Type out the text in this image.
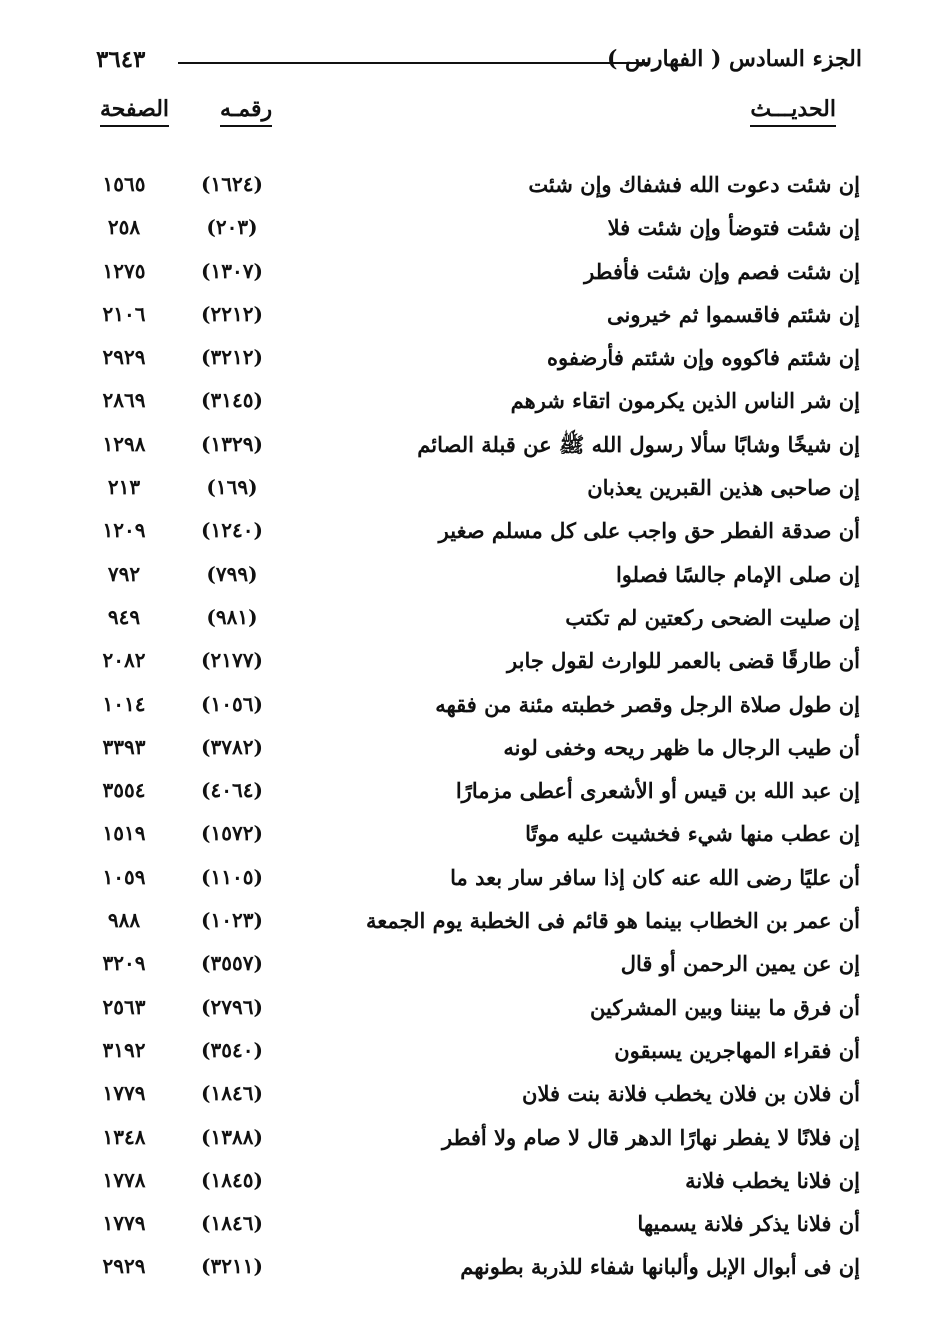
٣٦٤٣	الجزء السادس ( الفهارس )
الحديـــث
رقمـه
الصفحة
إن شئت دعوت الله فشفاك وإن شئت
(١٦٢٤)
١٥٦٥
إن شئت فتوضأ وإن شئت فلا
(٢٠٣)
٢٥٨
إن شئت فصم وإن شئت فأفطر
(١٣٠٧)
١٢٧٥
إن شئتم فاقسموا ثم خيرونى
(٢٢١٢)
٢١٠٦
إن شئتم فاكووه وإن شئتم فأرضفوه
(٣٢١٢)
٢٩٢٩
إن شر الناس الذين يكرمون اتقاء شرهم
(٣١٤٥)
٢٨٦٩
إن شيخًا وشابًا سألا رسول الله ﷺ عن قبلة الصائم
(١٣٢٩)
١٢٩٨
إن صاحبى هذين القبرين يعذبان
(١٦٩)
٢١٣
أن صدقة الفطر حق واجب على كل مسلم صغير
(١٢٤٠)
١٢٠٩
إن صلى الإمام جالسًا فصلوا
(٧٩٩)
٧٩٢
إن صليت الضحى ركعتين لم تكتب
(٩٨١)
٩٤٩
أن طارقًا قضى بالعمر للوارث لقول جابر
(٢١٧٧)
٢٠٨٢
إن طول صلاة الرجل وقصر خطبته مئنة من فقهه
(١٠٥٦)
١٠١٤
أن طيب الرجال ما ظهر ريحه وخفى لونه
(٣٧٨٢)
٣٣٩٣
إن عبد الله بن قيس أو الأشعرى أعطى مزمارًا
(٤٠٦٤)
٣٥٥٤
إن عطب منها شيء فخشيت عليه موتًا
(١٥٧٢)
١٥١٩
أن عليًا رضى الله عنه كان إذا سافر سار بعد ما
(١١٠٥)
١٠٥٩
أن عمر بن الخطاب بينما هو قائم فى الخطبة يوم الجمعة
(١٠٢٣)
٩٨٨
إن عن يمين الرحمن أو قال
(٣٥٥٧)
٣٢٠٩
أن فرق ما بيننا وبين المشركين
(٢٧٩٦)
٢٥٦٣
أن فقراء المهاجرين يسبقون
(٣٥٤٠)
٣١٩٢
أن فلان بن فلان يخطب فلانة بنت فلان
(١٨٤٦)
١٧٧٩
إن فلانًا لا يفطر نهارًا الدهر قال لا صام ولا أفطر
(١٣٨٨)
١٣٤٨
إن فلانا يخطب فلانة
(١٨٤٥)
١٧٧٨
أن فلانا يذكر فلانة يسميها
(١٨٤٦)
١٧٧٩
إن فى أبوال الإبل وألبانها شفاء للذربة بطونهم
(٣٢١١)
٢٩٢٩
